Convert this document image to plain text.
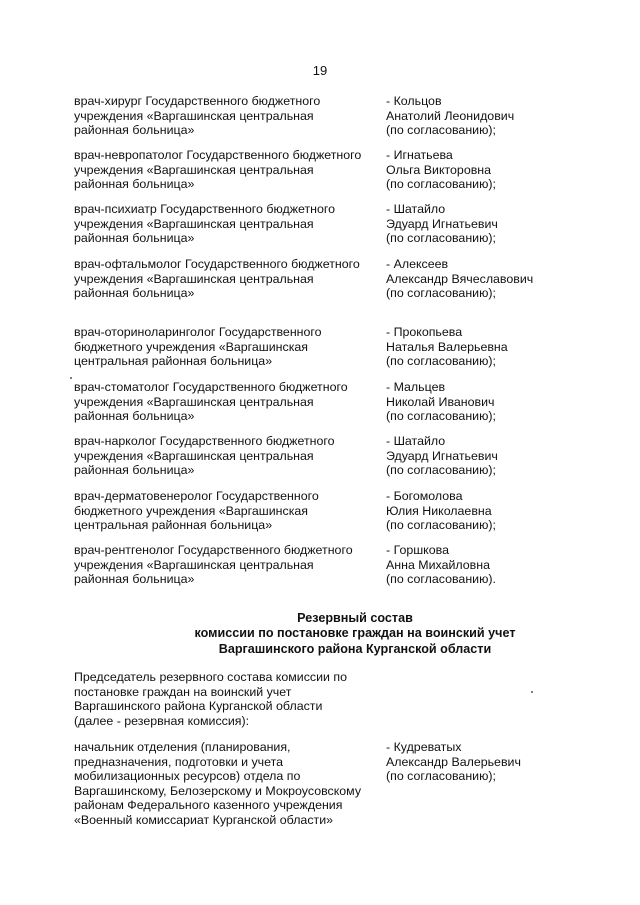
19
врач-хирург Государственного бюджетного
учреждения «Варгашинская центральная
районная больница»
- Кольцов
Анатолий Леонидович
(по согласованию);
врач-невропатолог Государственного бюджетного
учреждения «Варгашинская центральная
районная больница»
- Игнатьева
Ольга Викторовна
(по согласованию);
врач-психиатр Государственного бюджетного
учреждения «Варгашинская центральная
районная больница»
- Шатайло
Эдуард Игнатьевич
(по согласованию);
врач-офтальмолог Государственного бюджетного
учреждения «Варгашинская центральная
районная больница»
- Алексеев
Александр Вячеславович
(по согласованию);
врач-оториноларинголог Государственного
бюджетного учреждения «Варгашинская
центральная районная больница»
- Прокопьева
Наталья Валерьевна
(по согласованию);
врач-стоматолог Государственного бюджетного
учреждения «Варгашинская центральная
районная больница»
- Мальцев
Николай Иванович
(по согласованию);
врач-нарколог Государственного бюджетного
учреждения «Варгашинская центральная
районная больница»
- Шатайло
Эдуард Игнатьевич
(по согласованию);
врач-дерматовенеролог Государственного
бюджетного учреждения «Варгашинская
центральная районная больница»
- Богомолова
Юлия Николаевна
(по согласованию);
врач-рентгенолог Государственного бюджетного
учреждения «Варгашинская центральная
районная больница»
- Горшкова
Анна Михайловна
(по согласованию).
Резервный состав
комиссии по постановке граждан на воинский учет
Варгашинского района Курганской области
Председатель резервного состава комиссии по
постановке граждан на воинский учет
Варгашинского района Курганской области
(далее - резервная комиссия):
начальник отделения (планирования,
предназначения, подготовки и учета
мобилизационных ресурсов) отдела по
Варгашинскому, Белозерскому и Мокроусовскому
районам Федерального казенного учреждения
«Военный комиссариат Курганской области»
- Кудреватых
Александр Валерьевич
(по согласованию);
